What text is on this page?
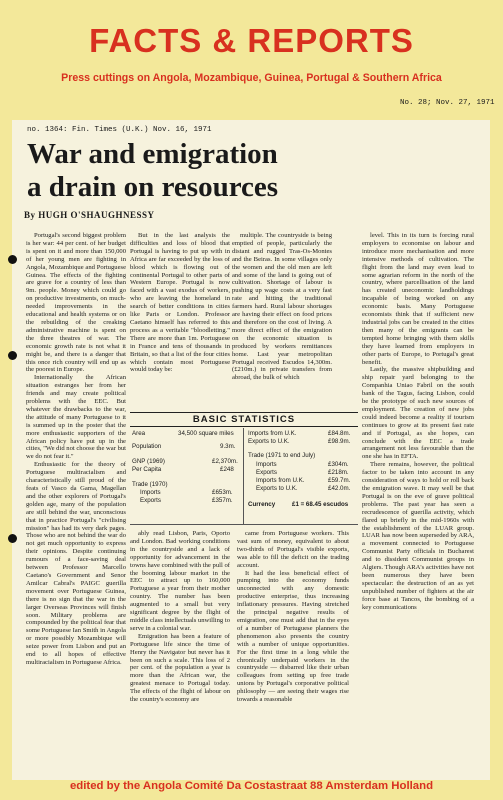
FACTS & REPORTS
Press cuttings on Angola, Mozambique, Guinea, Portugal & Southern Africa
No. 28; Nov. 27, 1971
no. 1364: Fin. Times (U.K.) Nov. 16, 1971
War and emigration
a drain on resources
By HUGH O'SHAUGHNESSY

Portugal's second biggest problem is her war: 44 per cent. of her budget is spent on it and more than 150,000 of her young men are fighting in Angola, Mozambique and Portuguese Guinea. The effects of the fighting are grave for a country of less than 9m. people. Money which could go on productive investments, on much-needed improvements in the educational and health systems or on the rebuilding of the creaking administrative machine is spent on the three theatres of war. The economic growth rate is not what it might be, and there is a danger that this once rich country will end up as the poorest in Europe.

Internationally the African situation estranges her from her friends and may create political problems with the EEC. But whatever the drawbacks to the war, the attitude of many Portuguese to it is summed up in the poster that the more enthusiastic supporters of the African policy have put up in the cities, "We did not choose the war but we do not fear it."

Enthusiastic for the theory of Portuguese multiracialism and characteristically still proud of the feats of Vasco da Gama, Magellan and the other explorers of Portugal's golden age, many of the population are still behind the war, unconscious that in practice Portugal's "civilising mission" has had its very dark pages. Those who are not behind the war do not get much opportunity to express their opinions. Despite continuing rumours of a face-saving deal between Professor Marcello Caetano's Government and Senor Amilcar Cabral's PAIGC guerilla movement over Portuguese Guinea, there is no sign that the war in the larger Overseas Provinces will finish soon. Military problems are compounded by the political fear that some Portuguese Ian Smith in Angola or more possibly Mozambique will seize power from Lisbon and put an end to all hopes of effective multiracialism in Portuguese Africa.

But in the last analysis the difficulties and loss of blood that Portugal is having to put up with in Africa are far exceeded by the loss of blood which is flowing out of continental Portugal to other parts of Western Europe. Portugal is now faced with a vast exodus of workers, who are leaving the homeland in search of better conditions in cities like Paris or London. Professor Caetano himself has referred to this process as a veritable "bloodletting." There are more than 1m. Portuguese in France and tens of thousands in Britain, so that a list of the four cities which contain most Portuguese would today be:

multiple. The countryside is being emptied of people, particularly the distant and rugged Tras-Os-Montes and the Beiras. In some villages only the women and the old men are left and some of the land is going out of cultivation. Shortage of labour is pushing up wage costs at a very fast rate and hitting the traditional farmers hard. Rural labour shortages are having their effect on food prices and therefore on the cost of living. A more direct effect of the emigration on the economic situation is produced by workers remittances home. Last year metropolitan Portugal received Escudos 14,300m. (£210m.) in private transfers from abroad, the bulk of which

level. This in its turn is forcing rural employers to economise on labour and introduce more mechanisation and more intensive methods of cultivation. The flight from the land may even lead to some agrarian reform in the north of the country, where parcellisation of the land has created uneconomic landholdings incapable of being worked on any economic basis. Many Portuguese economists think that if sufficient new industrial jobs can be created in the cities then many of the emigrants can be tempted home bringing with them skills they have learned from employers in other parts of Europe, to Portugal's great benefit.

Lastly, the massive shipbuilding and ship repair yard belonging to the Companhia Uniao Fabril on the south bank of the Tagus, facing Lisbon, could be the prototype of such new sources of employment. The creation of new jobs could indeed become a reality if tourism continues to grow at its present fast rate and if Portugal, as she hopes, can conclude with the EEC a trade arrangement not less favourable than the one she has in EFTA.

There remains, however, the political factor to be taken into account in any consideration of ways to hold or roll back the emigration wave. It may well be that Portugal is on the eve of grave political problems. The past year has seen a recrudescence of guerilla activity, which flared up briefly in the mid-1960s with the establishment of the LUAR group. LUAR has now been superseded by ARA, a movement connected to Portuguese Communist Party officials in Bucharest and to dissident Communist groups in Algiers. Though ARA's activities have not been numerous they have been spectacular: the destruction of an as yet unpublished number of fighters at the air force base at Tancos, the bombing of a key communications

BASIC STATISTICS
Area	34,500 square miles
Population	9.3m.
GNP (1969)	£2,370m.
Per Capita	£248
Trade (1970)
Imports	£653m.
Exports	£357m.
Imports from U.K.	£84.8m.
Exports to U.K.	£98.9m.
Trade (1971 to end July)
Imports	£304m.
Exports	£218m.
Imports from U.K.	£59.7m.
Exports to U.K.	£42.0m.
Currency	£1 = 68.45 escudos

ably read Lisbon, Paris, Oporto and London. Bad working conditions in the countryside and a lack of opportunity for advancement in the towns have combined with the pull of the booming labour market in the EEC to attract up to 160,000 Portuguese a year from their mother country. The number has been augmented to a small but very significant degree by the flight of middle class intellectuals unwilling to serve in a colonial war.

Emigration has been a feature of Portuguese life since the time of Henry the Navigator but never has it been on such a scale. This loss of 2 per cent. of the population a year is more than the African war, the greatest menace to Portugal today. The effects of the flight of labour on the country's economy are

came from Portuguese workers. This vast sum of money, equivalent to about two-thirds of Portugal's visible exports, was able to fill the deficit on the trading account.

It had the less beneficial effect of pumping into the economy funds unconnected with any domestic productive enterprise, thus increasing inflationary pressures. Having stretched the principal negative results of emigration, one must add that in the eyes of a number of Portuguese planners the phenomenon also presents the country with a number of unique opportunities. For the first time in a long while the chronically underpaid workers in the countryside — disbarred like their urban colleagues from setting up free trade unions by Portugal's corporative political philosophy — are seeing their wages rise towards a reasonable

edited by the Angola Comité Da Costastraat 88 Amsterdam Holland
